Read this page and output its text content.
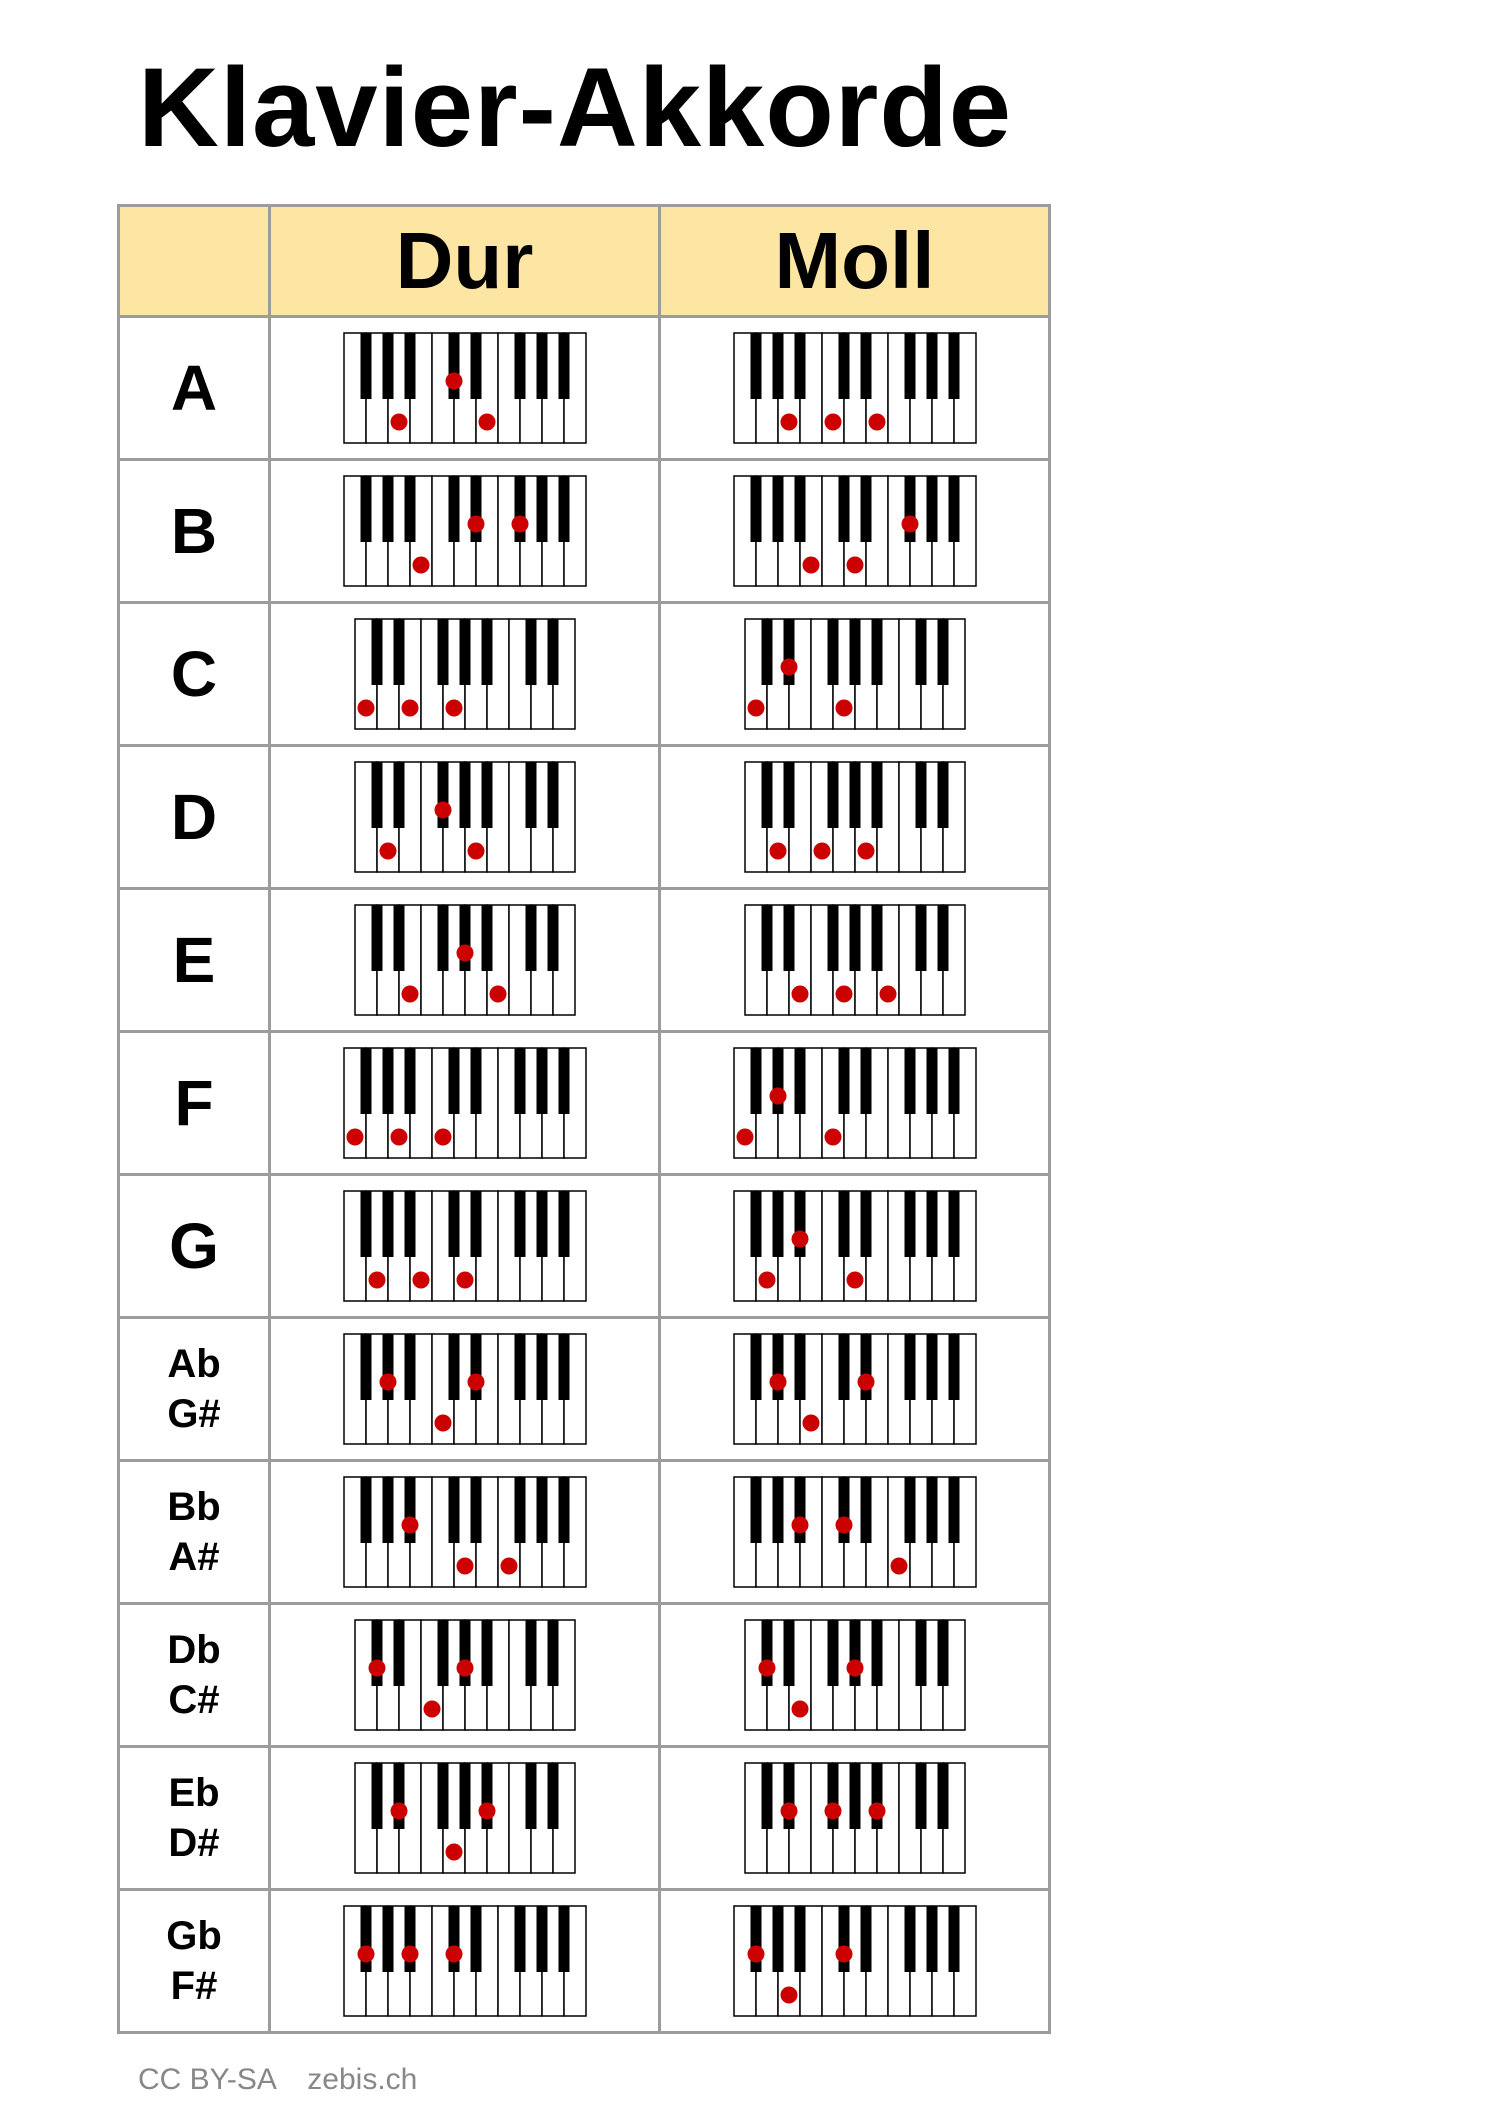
Klavier-Akkorde
	Dur	Moll

A

B

C

D

E

F

G

Ab
G#

Bb
A#

Db
C#

Eb
D#

Gb
F#

CC BY-SA zebis.ch
